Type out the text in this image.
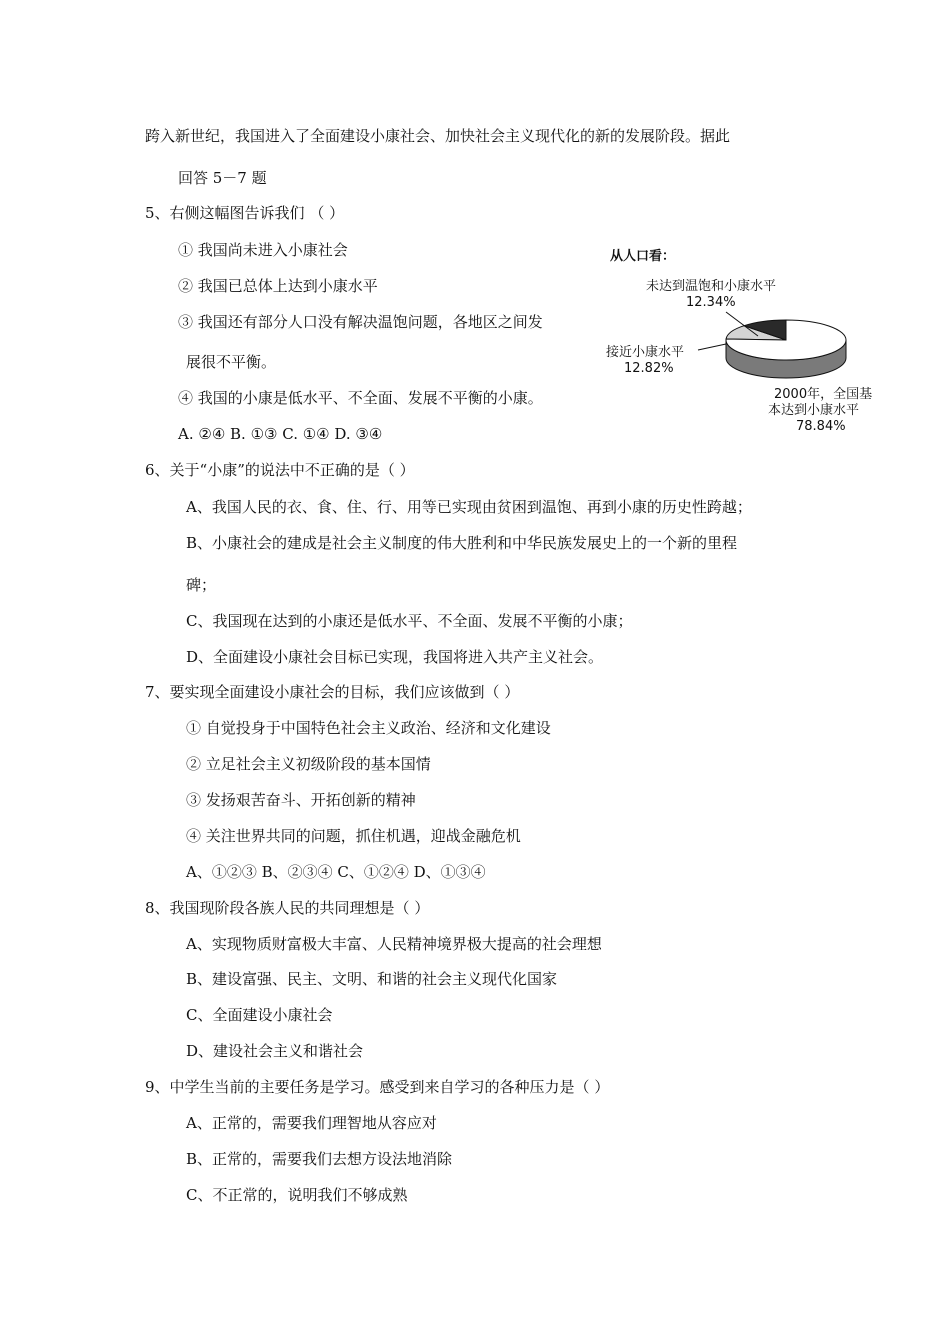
跨入新世纪，我国进入了全面建设小康社会、加快社会主义现代化的新的发展阶段。据此
回答 5－7 题
5、右侧这幅图告诉我们 （ ）
① 我国尚未进入小康社会
② 我国已总体上达到小康水平
③ 我国还有部分人口没有解决温饱问题，各地区之间发
展很不平衡。
④ 我国的小康是低水平、不全面、发展不平衡的小康。
A. ②④ B. ①③ C. ①④ D. ③④
从人口看：
未达到温饱和小康水平
12.34%
接近小康水平
12.82%
2000年，全国基
本达到小康水平
78.84%
6、关于“小康”的说法中不正确的是（ ）
A、我国人民的衣、食、住、行、用等已实现由贫困到温饱、再到小康的历史性跨越；
B、小康社会的建成是社会主义制度的伟大胜利和中华民族发展史上的一个新的里程
碑；
C、我国现在达到的小康还是低水平、不全面、发展不平衡的小康；
D、全面建设小康社会目标已实现，我国将进入共产主义社会。
7、要实现全面建设小康社会的目标，我们应该做到（ ）
① 自觉投身于中国特色社会主义政治、经济和文化建设
② 立足社会主义初级阶段的基本国情
③ 发扬艰苦奋斗、开拓创新的精神
④ 关注世界共同的问题，抓住机遇，迎战金融危机
A、①②③ B、②③④ C、①②④ D、①③④
8、我国现阶段各族人民的共同理想是（ ）
A、实现物质财富极大丰富、人民精神境界极大提高的社会理想
B、建设富强、民主、文明、和谐的社会主义现代化国家
C、全面建设小康社会
D、建设社会主义和谐社会
9、中学生当前的主要任务是学习。感受到来自学习的各种压力是（ ）
A、正常的，需要我们理智地从容应对
B、正常的，需要我们去想方设法地消除
C、不正常的，说明我们不够成熟
